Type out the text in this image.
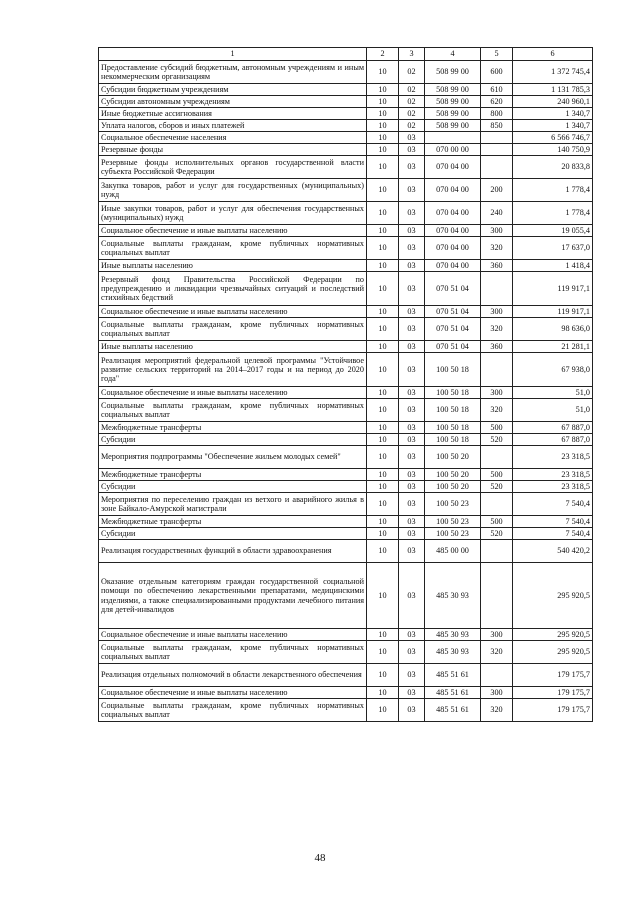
1	2	3	4	5	6
Предоставление субсидий бюджетным, автономным учреждениям и иным некоммерческим организациям	10	02	508 99 00	600	1 372 745,4
Субсидии бюджетным учреждениям	10	02	508 99 00	610	1 131 785,3
Субсидии автономным учреждениям	10	02	508 99 00	620	240 960,1
Иные бюджетные ассигнования	10	02	508 99 00	800	1 340,7
Уплата налогов, сборов и иных платежей	10	02	508 99 00	850	1 340,7
Социальное обеспечение населения	10	03			6 566 746,7
Резервные фонды	10	03	070 00 00		140 750,9
Резервные фонды исполнительных органов государственной власти субъекта Российской Федерации	10	03	070 04 00		20 833,8
Закупка товаров, работ и услуг для государственных (муниципальных) нужд	10	03	070 04 00	200	1 778,4
Иные закупки товаров, работ и услуг для обеспечения государственных (муниципальных) нужд	10	03	070 04 00	240	1 778,4
Социальное обеспечение и иные выплаты населению	10	03	070 04 00	300	19 055,4
Социальные выплаты гражданам, кроме публичных нормативных социальных выплат	10	03	070 04 00	320	17 637,0
Иные выплаты населению	10	03	070 04 00	360	1 418,4
Резервный фонд Правительства Российской Федерации по предупреждению и ликвидации чрезвычайных ситуаций и последствий стихийных бедствий	10	03	070 51 04		119 917,1
Социальное обеспечение и иные выплаты населению	10	03	070 51 04	300	119 917,1
Социальные выплаты гражданам, кроме публичных нормативных социальных выплат	10	03	070 51 04	320	98 636,0
Иные выплаты населению	10	03	070 51 04	360	21 281,1
Реализация мероприятий федеральной целевой программы "Устойчивое развитие сельских территорий на 2014–2017 годы и на период до 2020 года"	10	03	100 50 18		67 938,0
Социальное обеспечение и иные выплаты населению	10	03	100 50 18	300	51,0
Социальные выплаты гражданам, кроме публичных нормативных социальных выплат	10	03	100 50 18	320	51,0
Межбюджетные трансферты	10	03	100 50 18	500	67 887,0
Субсидии	10	03	100 50 18	520	67 887,0
Мероприятия подпрограммы "Обеспечение жильем молодых семей"	10	03	100 50 20		23 318,5
Межбюджетные трансферты	10	03	100 50 20	500	23 318,5
Субсидии	10	03	100 50 20	520	23 318,5
Мероприятия по переселению граждан из ветхого и аварийного жилья в зоне Байкало-Амурской магистрали	10	03	100 50 23		7 540,4
Межбюджетные трансферты	10	03	100 50 23	500	7 540,4
Субсидии	10	03	100 50 23	520	7 540,4
Реализация государственных функций в области здравоохранения	10	03	485 00 00		540 420,2
Оказание отдельным категориям граждан государственной социальной помощи по обеспечению лекарственными препаратами, медицинскими изделиями, а также специализированными продуктами лечебного питания для детей-инвалидов	10	03	485 30 93		295 920,5
Социальное обеспечение и иные выплаты населению	10	03	485 30 93	300	295 920,5
Социальные выплаты гражданам, кроме публичных нормативных социальных выплат	10	03	485 30 93	320	295 920,5
Реализация отдельных полномочий в области лекарственного обеспечения	10	03	485 51 61		179 175,7
Социальное обеспечение и иные выплаты населению	10	03	485 51 61	300	179 175,7
Социальные выплаты гражданам, кроме публичных нормативных социальных выплат	10	03	485 51 61	320	179 175,7
48
